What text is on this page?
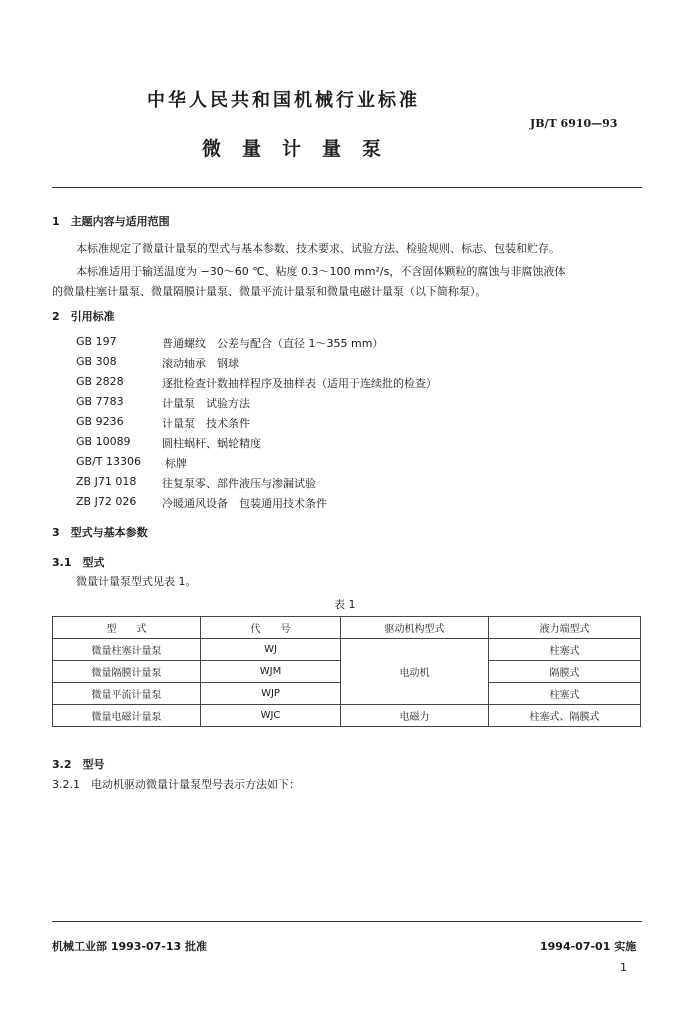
中华人民共和国机械行业标准
JB/T 6910—93
微量计量泵
1　主题内容与适用范围
本标准规定了微量计量泵的型式与基本参数、技术要求、试验方法、检验规则、标志、包装和贮存。
本标准适用于输送温度为 −30～60 ℃、粘度 0.3～100 mm²/s，不含固体颗粒的腐蚀与非腐蚀液体
的微量柱塞计量泵、微量隔膜计量泵、微量平流计量泵和微量电磁计量泵（以下简称泵）。
2　引用标准
GB 197	普通螺纹　公差与配合（直径 1～355 mm）
GB 308	滚动轴承　钢球
GB 2828	逐批检查计数抽样程序及抽样表（适用于连续批的检查）
GB 7783	计量泵　试验方法
GB 9236	计量泵　技术条件
GB 10089	圆柱蜗杆、蜗轮精度
GB/T 13306 标牌
ZB J71 018 往复泵零、部件液压与渗漏试验
ZB J72 026 冷暖通风设备　包装通用技术条件
3　型式与基本参数
3.1　型式
微量计量泵型式见表 1。
表 1
型　　式	代　　号	驱动机构型式	液力端型式
微量柱塞计量泵	WJ	电动机	柱塞式
微量隔膜计量泵	WJM		隔膜式
微量平流计量泵	WJP		柱塞式
微量电磁计量泵	WJC	电磁力	柱塞式、隔膜式
3.2　型号
3.2.1　电动机驱动微量计量泵型号表示方法如下：
机械工业部 1993-07-13 批准	1994-07-01 实施
1
